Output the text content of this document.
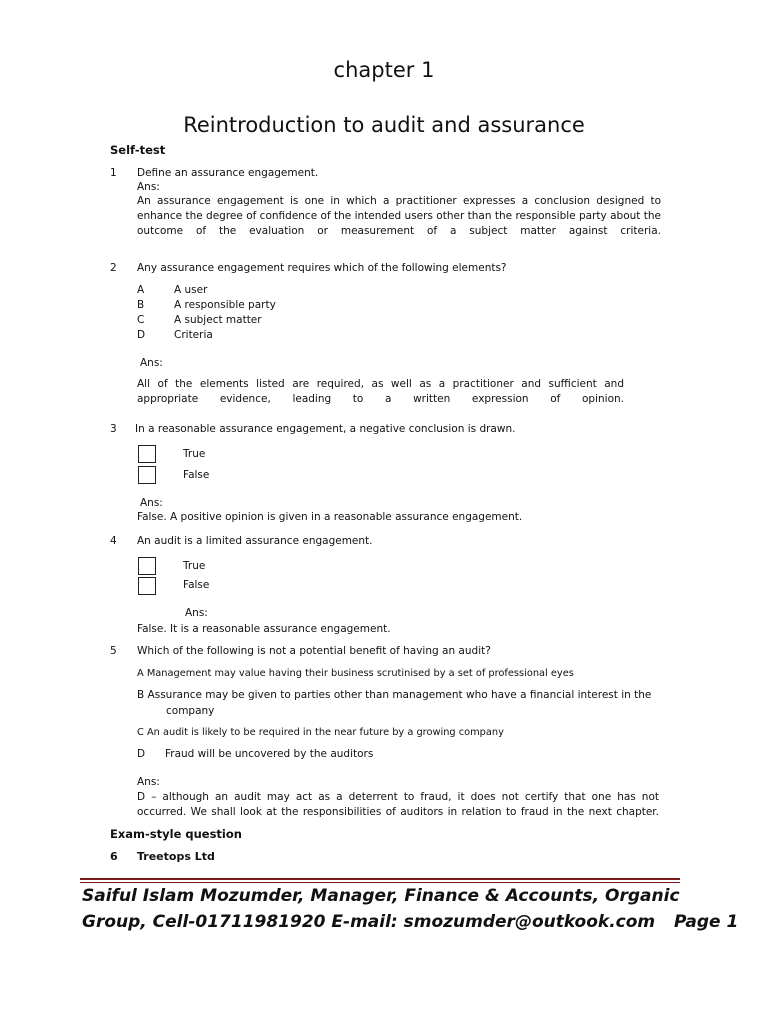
chapter 1
Reintroduction to audit and assurance
Self-test
1 Define an assurance engagement.
Ans:
An assurance engagement is one in which a practitioner expresses a conclusion designed to enhance the degree of confidence of the intended users other than the responsible party about the outcome of the evaluation or measurement of a subject matter against criteria.
2 Any assurance engagement requires which of the following elements?
A	A user
B	A responsible party
C	A subject matter
D	Criteria
Ans:
All of the elements listed are required, as well as a practitioner and sufficient and appropriate evidence, leading to a written expression of opinion.
3 In a reasonable assurance engagement, a negative conclusion is drawn.
True
False
Ans:
False. A positive opinion is given in a reasonable assurance engagement.
4 An audit is a limited assurance engagement.
True
False
Ans:
False. It is a reasonable assurance engagement.
5 Which of the following is not a potential benefit of having an audit?
A Management may value having their business scrutinised by a set of professional eyes
B Assurance may be given to parties other than management who have a financial interest in the
company
C An audit is likely to be required in the near future by a growing company
D Fraud will be uncovered by the auditors
Ans:
D – although an audit may act as a deterrent to fraud, it does not certify that one has not occurred. We shall look at the responsibilities of auditors in relation to fraud in the next chapter.
Exam-style question
6 Treetops Ltd
Saiful Islam Mozumder, Manager, Finance & Accounts, Organic
Group, Cell-01711981920 E-mail: smozumder@outkook.com Page 1
